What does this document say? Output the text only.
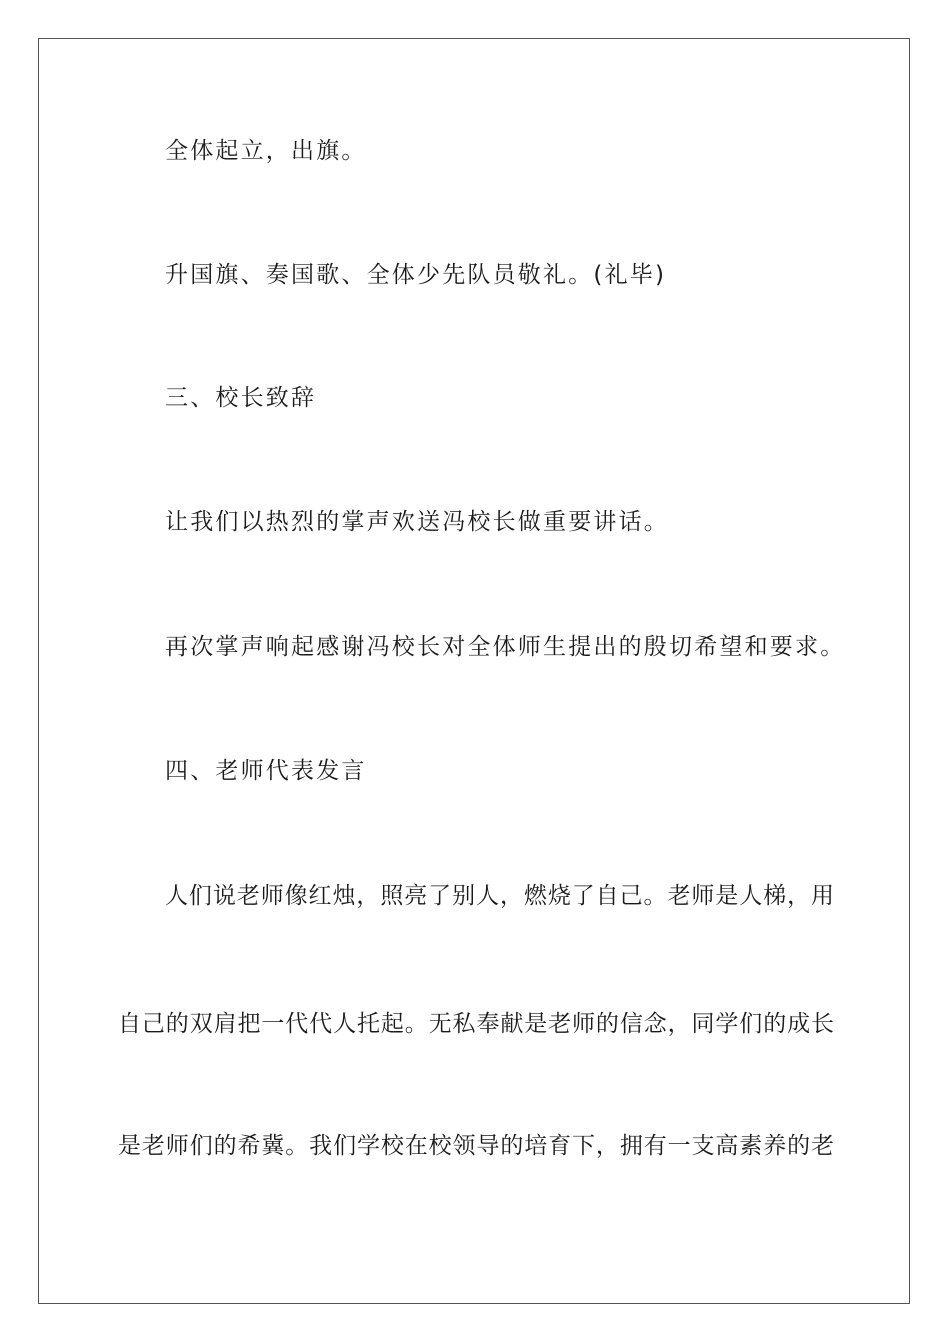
全体起立，出旗。

升国旗、奏国歌、全体少先队员敬礼。(礼毕)

三、校长致辞

让我们以热烈的掌声欢送冯校长做重要讲话。

再次掌声响起感谢冯校长对全体师生提出的殷切希望和要求。

四、老师代表发言

人们说老师像红烛，照亮了别人，燃烧了自己。老师是人梯，用

自己的双肩把一代代人托起。无私奉献是老师的信念，同学们的成长

是老师们的希冀。我们学校在校领导的培育下，拥有一支高素养的老
